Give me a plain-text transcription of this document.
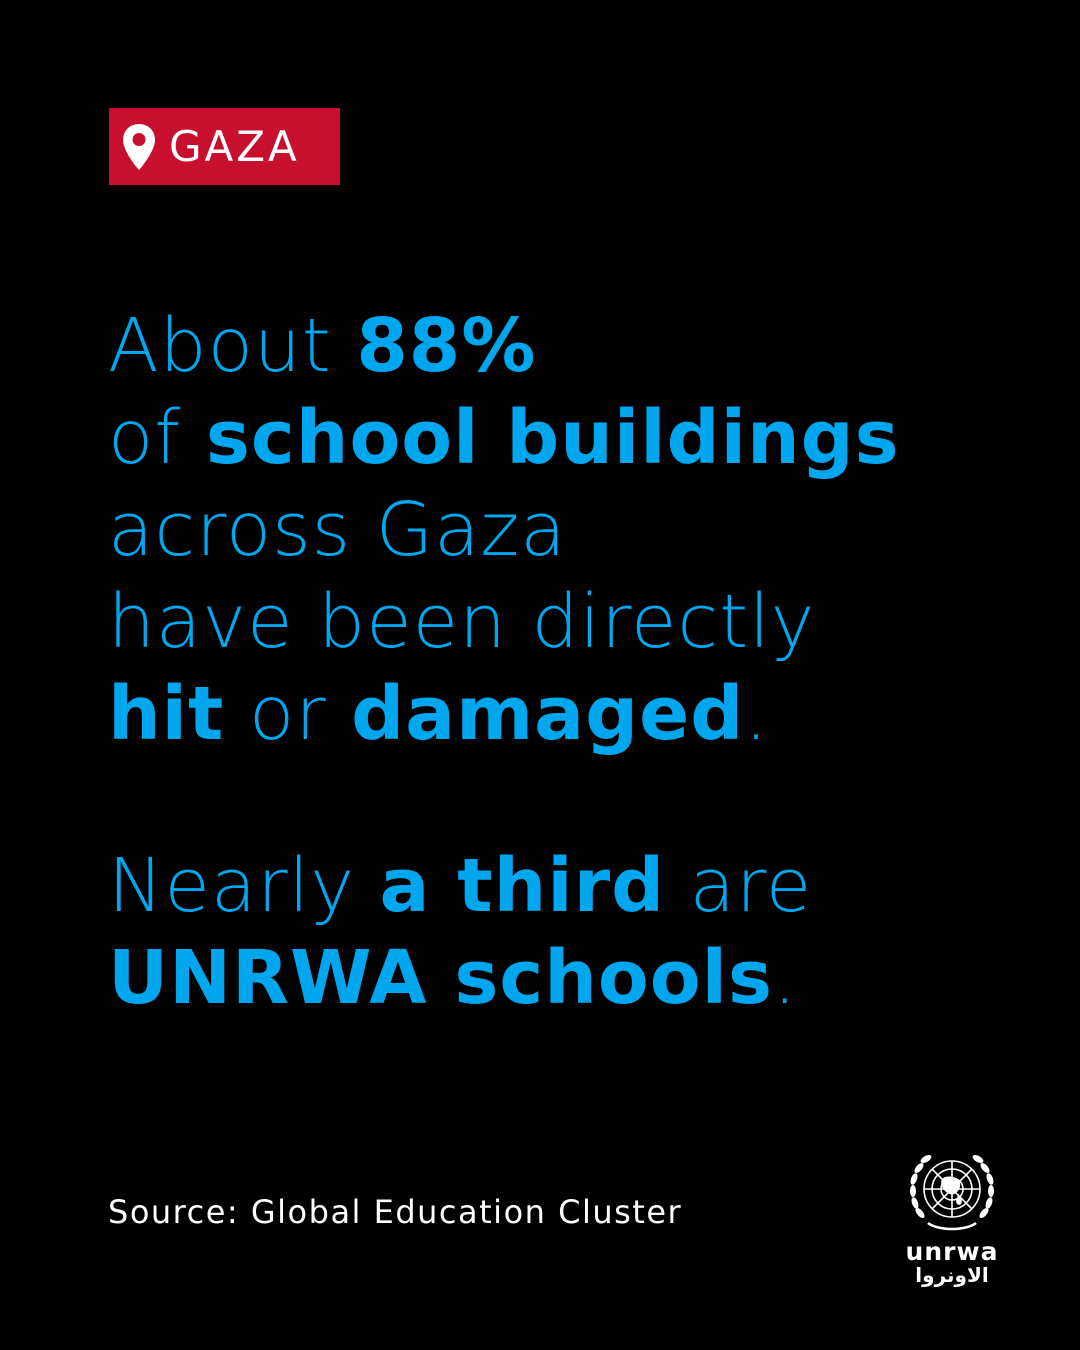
GAZA
About 88%
of school buildings
across Gaza
have been directly
hit or damaged.
Nearly a third are
UNRWA schools.
Source: Global Education Cluster
unrwa
الاونروا
